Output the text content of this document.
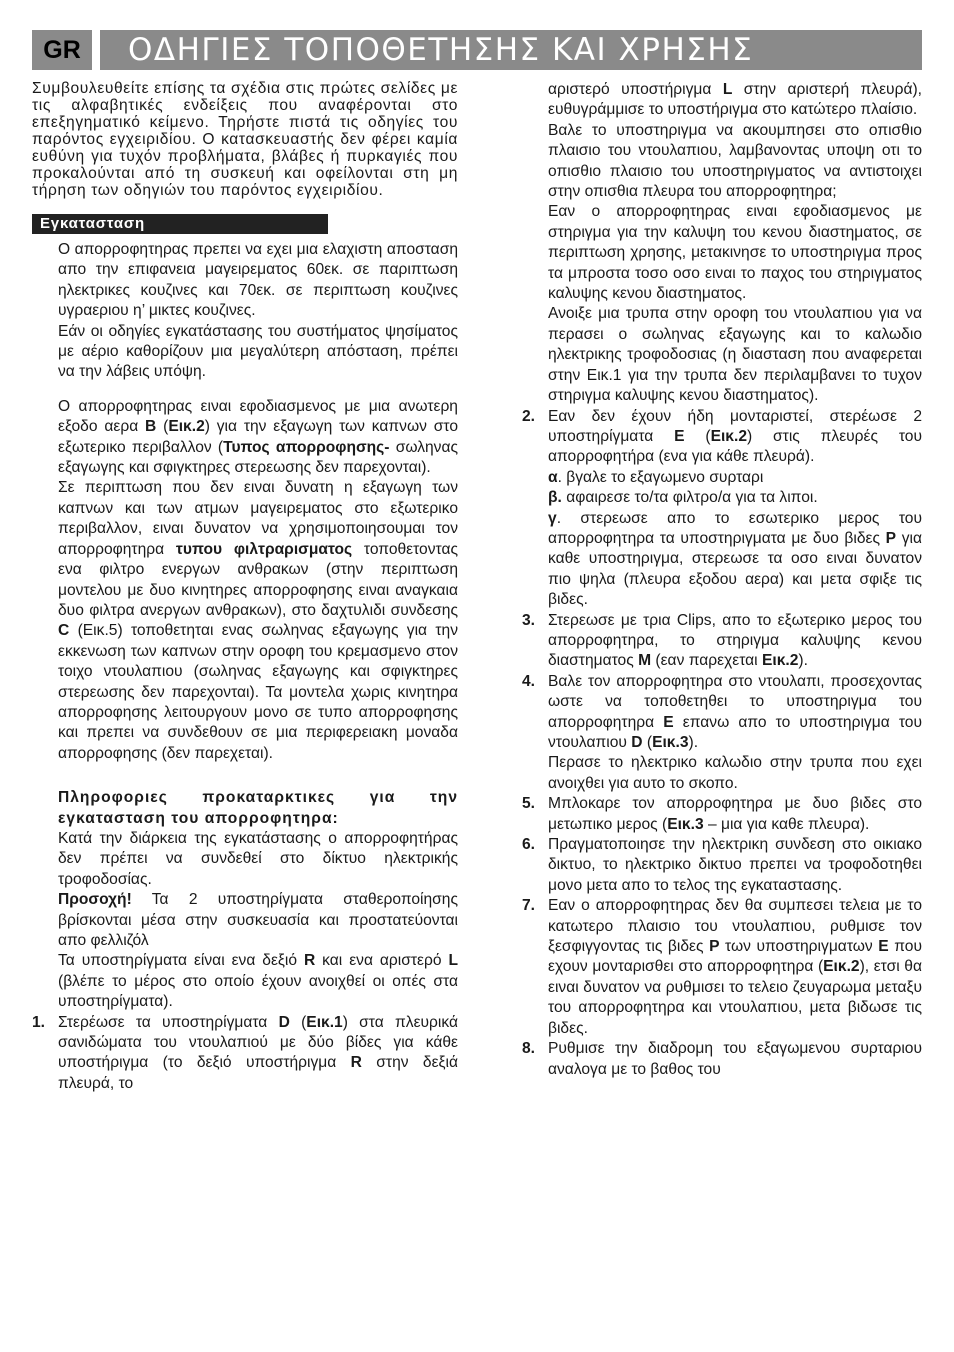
GR	ΟΔΗΓΙΕΣ ΤΟΠΟΘΕΤΗΣΗΣ ΚΑΙ ΧΡΗΣΗΣ

Συμβουλευθείτε επίσης τα σχέδια στις πρώτες σελίδες με τις αλφαβητικές ενδείξεις που αναφέρονται στο επεξηγηματικό κείμενο. Τηρήστε πιστά τις οδηγίες του παρόντος εγχειριδίου. Ο κατασκευαστής δεν φέρει καμία ευθύνη για τυχόν προβλήματα, βλάβες ή πυρκαγιές που προκαλούνται από τη συσκευή και οφείλονται στη μη τήρηση των οδηγιών του παρόντος εγχειριδίου.

Εγκατασταση

Ο απορροφητηρας πρεπει να εχει μια ελαχιστη αποσταση απο την επιφανεια μαγειρεματος 60εκ. σε παριπτωση ηλεκτρικες κουζινες και 70εκ. σε περιπτωση κουζινες υγραεριου η’ μικτες κουζινες.

Εάν οι οδηγίες εγκατάστασης του συστήματος ψησίματος με αέριο καθορίζουν μια μεγαλύτερη απόσταση, πρέπει να την λάβεις υπόψη.

Ο απορροφητηρας ειναι εφοδιασμενος με μια ανωτερη εξοδο αερα B (Εικ.2) για την εξαγωγη των καπνων στο εξωτερικο περιβαλλον (Τυπος απορροφησης- σωληνας εξαγωγης και σφιγκτηρες στερεωσης δεν παρεχονται).

Σε περιπτωση που δεν ειναι δυνατη η εξαγωγη των καπνων και των ατμων μαγειρεματος στο εξωτερικο περιβαλλον, ειναι δυνατον να χρησιμοποιησουμαι τον απορροφητηρα τυπου φιλτραρισματος τοποθετοντας ενα φιλτρο ενεργων ανθρακων (στην περιπτωση μοντελου με δυο κινητηρες απορροφησης ειναι αναγκαια δυο φιλτρα ανεργων ανθρακων), στο δαχτυλιδι συνδεσης C (Εικ.5) τοποθετηται ενας σωληνας εξαγωγης για την εκκενωση των καπνων στην οροφη του κρεμασμενο στον τοιχο ντουλαπιου (σωληνας εξαγωγης και σφιγκτηρες στερεωσης δεν παρεχονται). Τα μοντελα χωρις κινητηρα απορροφησης λειτουργουν μονο σε τυπο απορροφησης και πρεπει να συνδεθουν σε μια περιφερειακη μοναδα απορροφησης (δεν παρεχεται).

Πληροφοριες προκαταρκτικες για την εγκατασταση του απορροφητηρα:

Κατά την διάρκεια της εγκατάστασης ο απορροφητήρας δεν πρέπει να συνδεθεί στο δίκτυο ηλεκτρικής τροφοδοσίας.

Προσοχή! Τα 2 υποστηρίγματα σταθεροποίησης βρίσκονται μέσα στην συσκευασία και προστατεύονται απο φελλιζόλ

Τα υποστηρίγματα είναι ενα δεξιό R και ενα αριστερό L (βλέπε το μέρος στο οποίο έχουν ανοιχθεί οι οπές στα υποστηρίγματα).

1. Στερέωσε τα υποστηρίγματα D (Εικ.1) στα πλευρικά σανιδώματα του ντουλαπιού με δύο βίδες για κάθε υποστήριγμα (το δεξιό υποστήριγμα R στην δεξιά πλευρά, το

αριστερό υποστήριγμα L στην αριστερή πλευρά), ευθυγράμμισε το υποστήριγμα στο κατώτερο πλαίσιο.

Βαλε το υποστηριγμα να ακουμπησει στο οπισθιο πλαισιο του ντουλαπιου, λαμβανοντας υποψη οτι το οπισθιο πλαισιο του υποστηριγματος να αντιστοιχει στην οπισθια πλευρα του απορροφητηρα;

Εαν ο απορροφητηρας ειναι εφοδιασμενος με στηριγμα για την καλυψη του κενου διαστηματος, σε περιπτωση χρησης, μετακινησε το υποστηριγμα προς τα μπροστα τοσο οσο ειναι το παχος του στηριγματος καλυψης κενου διαστηματος.

Ανοιξε μια τρυπα στην οροφη του ντουλαπιου για να περασει ο σωληνας εξαγωγης και το καλωδιο ηλεκτρικης τροφοδοσιας (η διασταση που αναφερεται στην Εικ.1 για την τρυπα δεν περιλαμβανει το τυχον στηριγμα καλυψης κενου διαστηματος).

2. Εαν δεν έχουν ήδη μονταριστεί, στερέωσε 2 υποστηρίγματα E (Εικ.2) στις πλευρές του απορροφητήρα (ενα για κάθε πλευρά).

α. βγαλε το εξαγωμενο συρταρι

β. αφαιρεσε το/τα φιλτρο/α για τα λιποι.

γ. στερεωσε απο το εσωτερικο μερος του απορροφητηρα τα υποστηριγματα με δυο βιδες P για καθε υποστηριγμα, στερεωσε τα οσο ειναι δυνατον πιο ψηλα (πλευρα εξοδου αερα) και μετα σφιξε τις βιδες.

3. Στερεωσε με τρια Clips, απο το εξωτερικο μερος του απορροφητηρα, το στηριγμα καλυψης κενου διαστηματος M (εαν παρεχεται Εικ.2).

4. Βαλε τον απορροφητηρα στο ντουλαπι, προσεχοντας ωστε να τοποθετηθει το υποστηριγμα του απορροφητηρα E επανω απο το υποστηριγμα του ντουλαπιου D (Εικ.3).

Περασε το ηλεκτρικο καλωδιο στην τρυπα που εχει ανοιχθει για αυτο το σκοπο.

5. Μπλοκαρε τον απορροφητηρα με δυο βιδες στο μετωπικο μερος (Εικ.3 – μια για καθε πλευρα).

6. Πραγματοποιησε την ηλεκτρικη συνδεση στο οικιακο δικτυο, το ηλεκτρικο δικτυο πρεπει να τροφοδοτηθει μονο μετα απο το τελος της εγκαταστασης.

7. Εαν ο απορροφητηρας δεν θα συμπεσει τελεια με το κατωτερο πλαισιο του ντουλαπιου, ρυθμισε τον ξεσφιγγοντας τις βιδες P των υποστηριγματων E που εχουν μονταρισθει στο απορροφητηρα (Εικ.2), ετσι θα ειναι δυνατον να ρυθμισει το τελειο ζευγαρωμα μεταξυ του απορροφητηρα και ντουλαπιου, μετα βιδωσε τις βιδες.

8. Ρυθμισε την διαδρομη του εξαγωμενου συρταριου αναλογα με το βαθος του
